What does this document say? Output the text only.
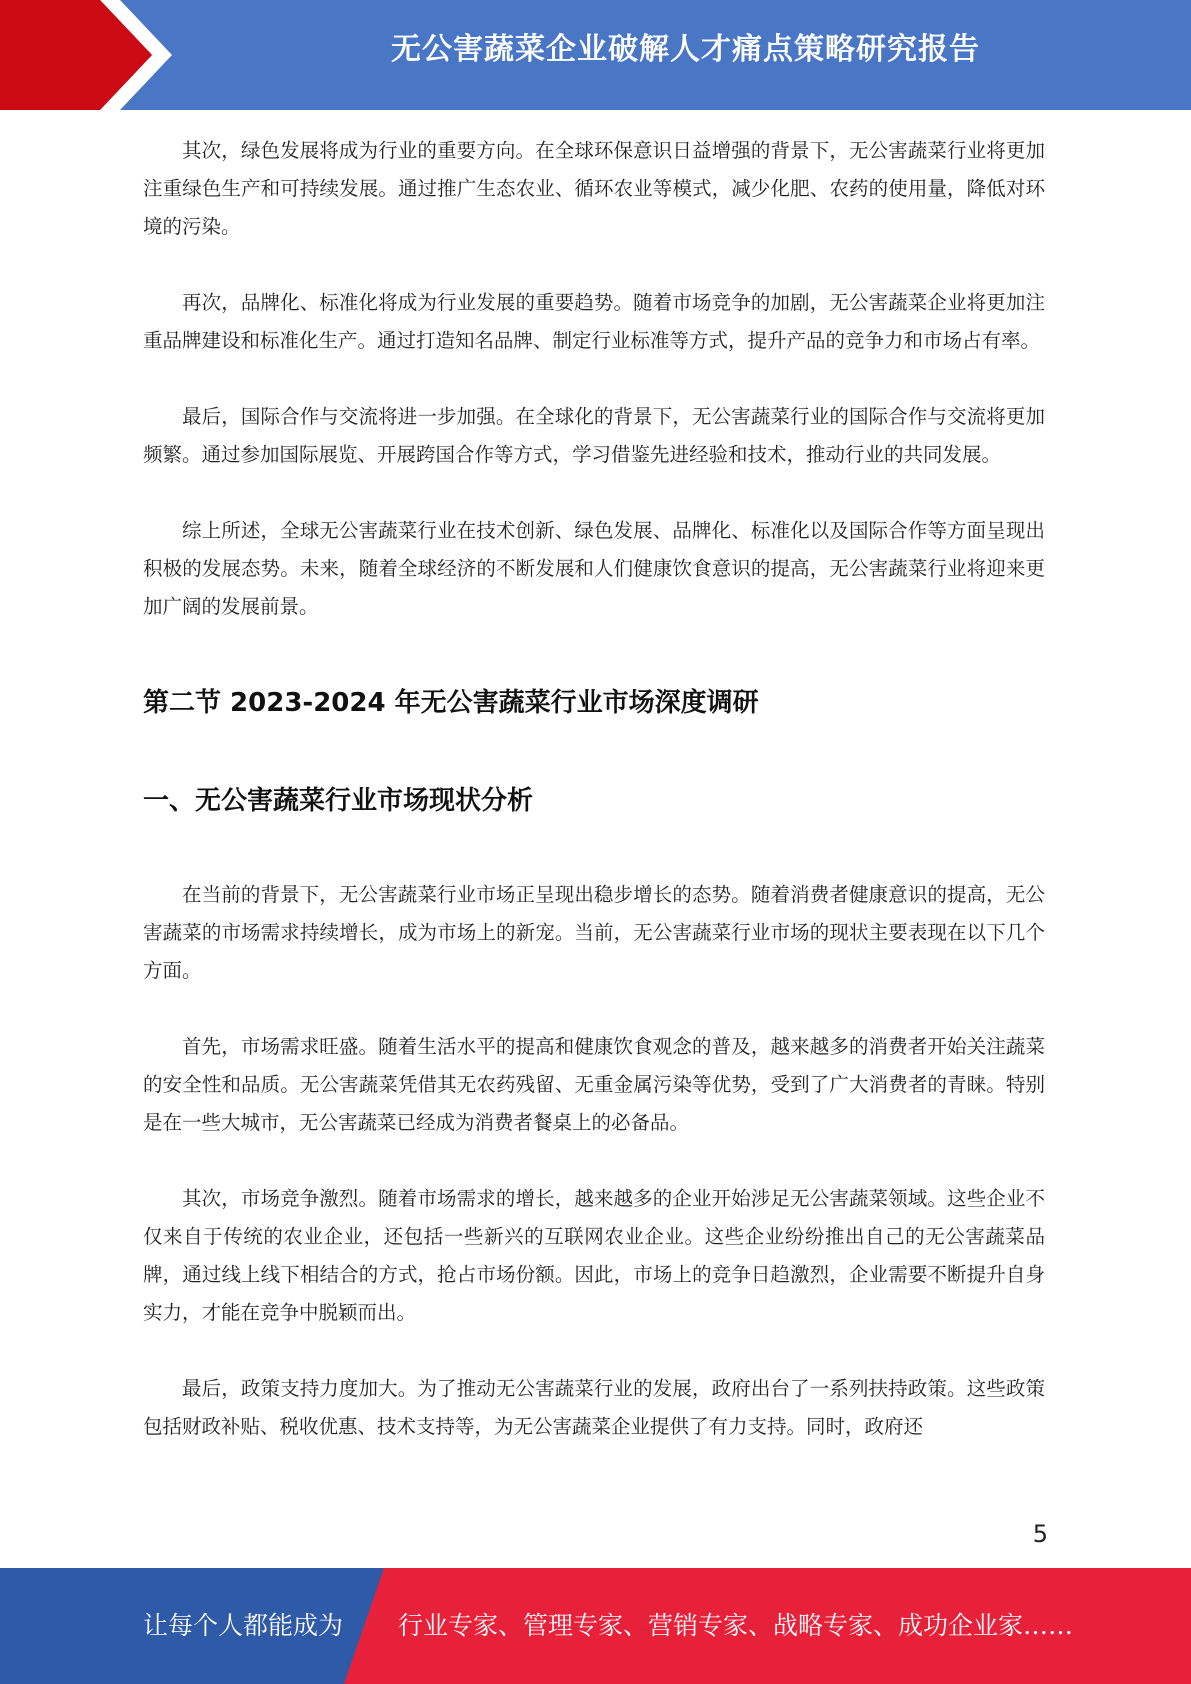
无公害蔬菜企业破解人才痛点策略研究报告

其次，绿色发展将成为行业的重要方向。在全球环保意识日益增强的背景下，无公害蔬菜行业将更加注重绿色生产和可持续发展。通过推广生态农业、循环农业等模式，减少化肥、农药的使用量，降低对环境的污染。

再次，品牌化、标准化将成为行业发展的重要趋势。随着市场竞争的加剧，无公害蔬菜企业将更加注重品牌建设和标准化生产。通过打造知名品牌、制定行业标准等方式，提升产品的竞争力和市场占有率。

最后，国际合作与交流将进一步加强。在全球化的背景下，无公害蔬菜行业的国际合作与交流将更加频繁。通过参加国际展览、开展跨国合作等方式，学习借鉴先进经验和技术，推动行业的共同发展。

综上所述，全球无公害蔬菜行业在技术创新、绿色发展、品牌化、标准化以及国际合作等方面呈现出积极的发展态势。未来，随着全球经济的不断发展和人们健康饮食意识的提高，无公害蔬菜行业将迎来更加广阔的发展前景。

第二节 2023-2024 年无公害蔬菜行业市场深度调研
一、无公害蔬菜行业市场现状分析

在当前的背景下，无公害蔬菜行业市场正呈现出稳步增长的态势。随着消费者健康意识的提高，无公害蔬菜的市场需求持续增长，成为市场上的新宠。当前，无公害蔬菜行业市场的现状主要表现在以下几个方面。

首先，市场需求旺盛。随着生活水平的提高和健康饮食观念的普及，越来越多的消费者开始关注蔬菜的安全性和品质。无公害蔬菜凭借其无农药残留、无重金属污染等优势，受到了广大消费者的青睐。特别是在一些大城市，无公害蔬菜已经成为消费者餐桌上的必备品。

其次，市场竞争激烈。随着市场需求的增长，越来越多的企业开始涉足无公害蔬菜领域。这些企业不仅来自于传统的农业企业，还包括一些新兴的互联网农业企业。这些企业纷纷推出自己的无公害蔬菜品牌，通过线上线下相结合的方式，抢占市场份额。因此，市场上的竞争日趋激烈，企业需要不断提升自身实力，才能在竞争中脱颖而出。

最后，政策支持力度加大。为了推动无公害蔬菜行业的发展，政府出台了一系列扶持政策。这些政策包括财政补贴、税收优惠、技术支持等，为无公害蔬菜企业提供了有力支持。同时，政府还

5
让每个人都能成为 行业专家、管理专家、营销专家、战略专家、成功企业家……
